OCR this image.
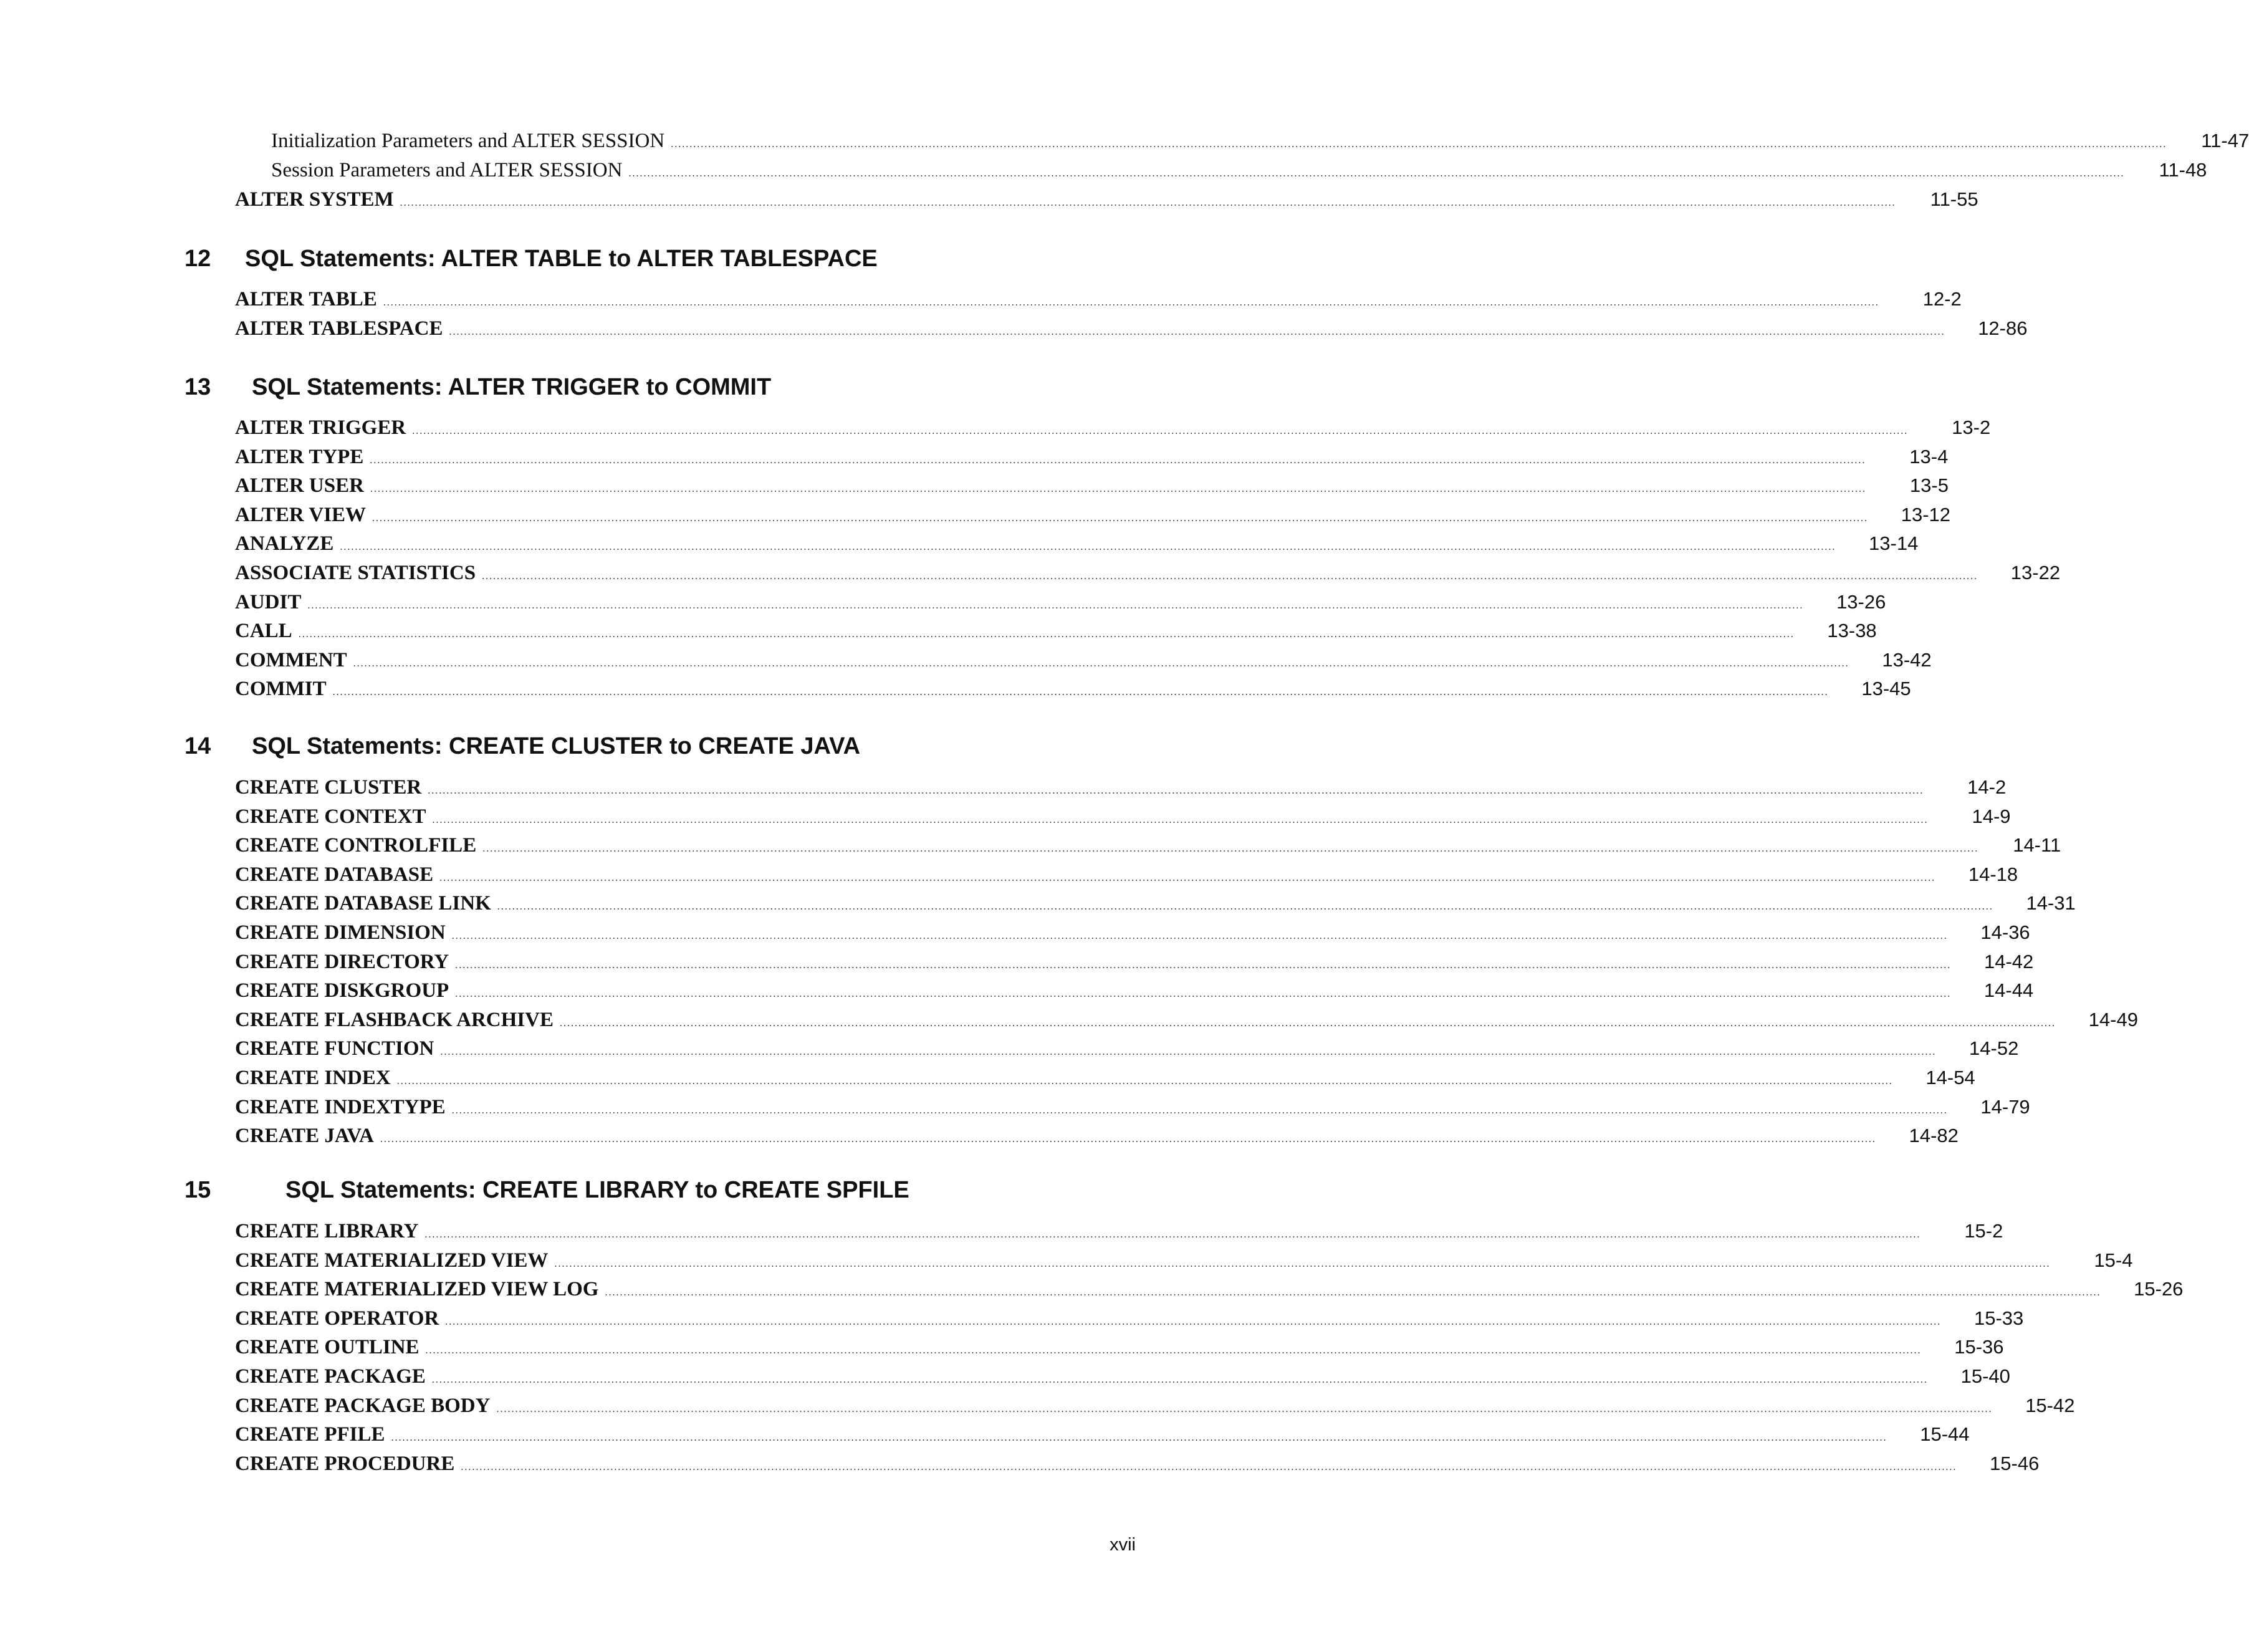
Initialization Parameters and ALTER SESSION ................................................................................................................................................................................................................................................................................................................................................................................................................	11-47
Session Parameters and ALTER SESSION ................................................................................................................................................................................................................................................................................................................................................................................................................	11-48
ALTER SYSTEM ................................................................................................................................................................................................................................................................................................................................................................................................................	11-55
12 SQL Statements: ALTER TABLE to ALTER TABLESPACE
ALTER TABLE ................................................................................................................................................................................................................................................................................................................................................................................................................	12-2
ALTER TABLESPACE ................................................................................................................................................................................................................................................................................................................................................................................................................	12-86
13 SQL Statements: ALTER TRIGGER to COMMIT
ALTER TRIGGER ................................................................................................................................................................................................................................................................................................................................................................................................................	13-2
ALTER TYPE ................................................................................................................................................................................................................................................................................................................................................................................................................	13-4
ALTER USER ................................................................................................................................................................................................................................................................................................................................................................................................................	13-5
ALTER VIEW ................................................................................................................................................................................................................................................................................................................................................................................................................	13-12
ANALYZE ................................................................................................................................................................................................................................................................................................................................................................................................................	13-14
ASSOCIATE STATISTICS ................................................................................................................................................................................................................................................................................................................................................................................................................	13-22
AUDIT ................................................................................................................................................................................................................................................................................................................................................................................................................	13-26
CALL ................................................................................................................................................................................................................................................................................................................................................................................................................	13-38
COMMENT ................................................................................................................................................................................................................................................................................................................................................................................................................	13-42
COMMIT ................................................................................................................................................................................................................................................................................................................................................................................................................	13-45
14 SQL Statements: CREATE CLUSTER to CREATE JAVA
CREATE CLUSTER ................................................................................................................................................................................................................................................................................................................................................................................................................	14-2
CREATE CONTEXT ................................................................................................................................................................................................................................................................................................................................................................................................................	14-9
CREATE CONTROLFILE ................................................................................................................................................................................................................................................................................................................................................................................................................	14-11
CREATE DATABASE ................................................................................................................................................................................................................................................................................................................................................................................................................	14-18
CREATE DATABASE LINK ................................................................................................................................................................................................................................................................................................................................................................................................................	14-31
CREATE DIMENSION ................................................................................................................................................................................................................................................................................................................................................................................................................	14-36
CREATE DIRECTORY ................................................................................................................................................................................................................................................................................................................................................................................................................	14-42
CREATE DISKGROUP ................................................................................................................................................................................................................................................................................................................................................................................................................	14-44
CREATE FLASHBACK ARCHIVE ................................................................................................................................................................................................................................................................................................................................................................................................................	14-49
CREATE FUNCTION ................................................................................................................................................................................................................................................................................................................................................................................................................	14-52
CREATE INDEX ................................................................................................................................................................................................................................................................................................................................................................................................................	14-54
CREATE INDEXTYPE ................................................................................................................................................................................................................................................................................................................................................................................................................	14-79
CREATE JAVA ................................................................................................................................................................................................................................................................................................................................................................................................................	14-82
15	SQL Statements: CREATE LIBRARY to CREATE SPFILE
CREATE LIBRARY ................................................................................................................................................................................................................................................................................................................................................................................................................	15-2
CREATE MATERIALIZED VIEW ................................................................................................................................................................................................................................................................................................................................................................................................................	15-4
CREATE MATERIALIZED VIEW LOG ................................................................................................................................................................................................................................................................................................................................................................................................................	15-26
CREATE OPERATOR ................................................................................................................................................................................................................................................................................................................................................................................................................	15-33
CREATE OUTLINE ................................................................................................................................................................................................................................................................................................................................................................................................................	15-36
CREATE PACKAGE ................................................................................................................................................................................................................................................................................................................................................................................................................	15-40
CREATE PACKAGE BODY ................................................................................................................................................................................................................................................................................................................................................................................................................	15-42
CREATE PFILE ................................................................................................................................................................................................................................................................................................................................................................................................................	15-44
CREATE PROCEDURE ................................................................................................................................................................................................................................................................................................................................................................................................................	15-46
xvii
